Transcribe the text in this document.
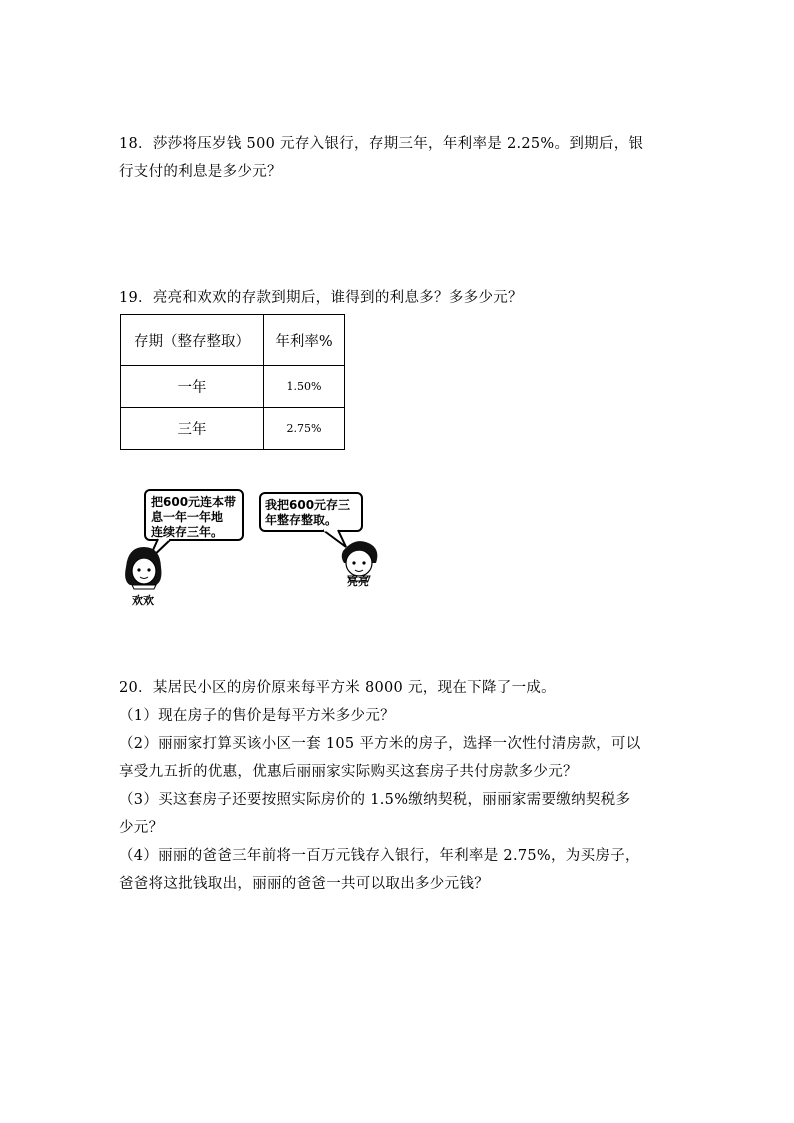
18．莎莎将压岁钱 500 元存入银行，存期三年，年利率是 2.25%。到期后，银
行支付的利息是多少元？
19．亮亮和欢欢的存款到期后，谁得到的利息多？多多少元？
存期（整存整取）	年利率%
一年	1.50%
三年	2.75%
把600元连本带
息一年一年地
连续存三年。
我把600元存三
年整存整取。
欢欢
亮亮

20．某居民小区的房价原来每平方米 8000 元，现在下降了一成。

（1）现在房子的售价是每平方米多少元？

（2）丽丽家打算买该小区一套 105 平方米的房子，选择一次性付清房款，可以

享受九五折的优惠，优惠后丽丽家实际购买这套房子共付房款多少元？

（3）买这套房子还要按照实际房价的 1.5%缴纳契税，丽丽家需要缴纳契税多

少元？

（4）丽丽的爸爸三年前将一百万元钱存入银行，年利率是 2.75%，为买房子，

爸爸将这批钱取出，丽丽的爸爸一共可以取出多少元钱？
